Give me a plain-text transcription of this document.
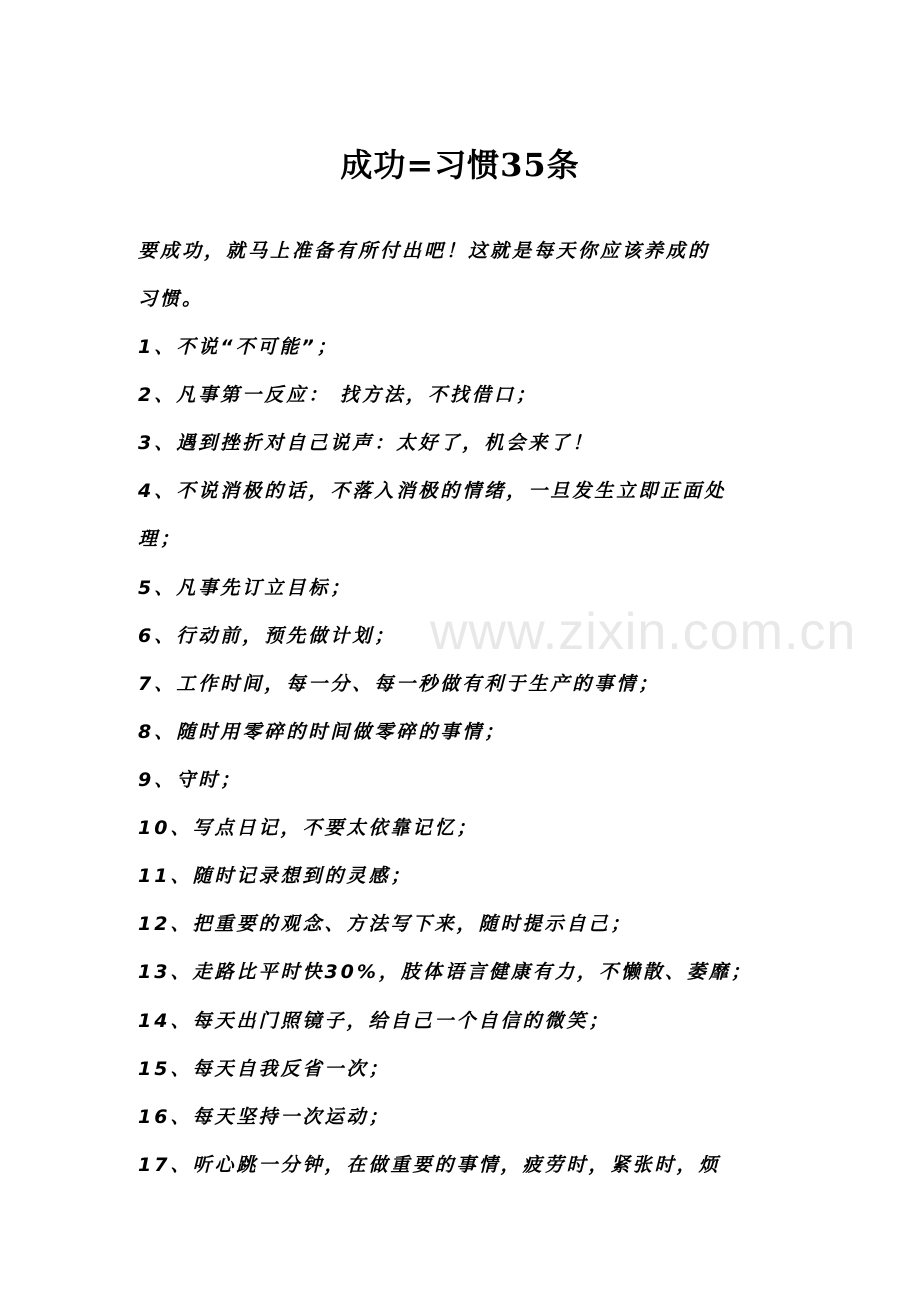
成功=习惯35条
www.zixin.com.cn

要成功，就马上准备有所付出吧！这就是每天你应该养成的

习惯。

1、不说“不可能”；

2、凡事第一反应： 找方法，不找借口；

3、遇到挫折对自己说声：太好了，机会来了！

4、不说消极的话，不落入消极的情绪，一旦发生立即正面处

理；

5、凡事先订立目标；

6、行动前，预先做计划；

7、工作时间，每一分、每一秒做有利于生产的事情；

8、随时用零碎的时间做零碎的事情；

9、守时；

10、写点日记，不要太依靠记忆；

11、随时记录想到的灵感；

12、把重要的观念、方法写下来，随时提示自己；

13、走路比平时快30%，肢体语言健康有力，不懒散、萎靡；

14、每天出门照镜子，给自己一个自信的微笑；

15、每天自我反省一次；

16、每天坚持一次运动；

17、听心跳一分钟，在做重要的事情，疲劳时，紧张时，烦
